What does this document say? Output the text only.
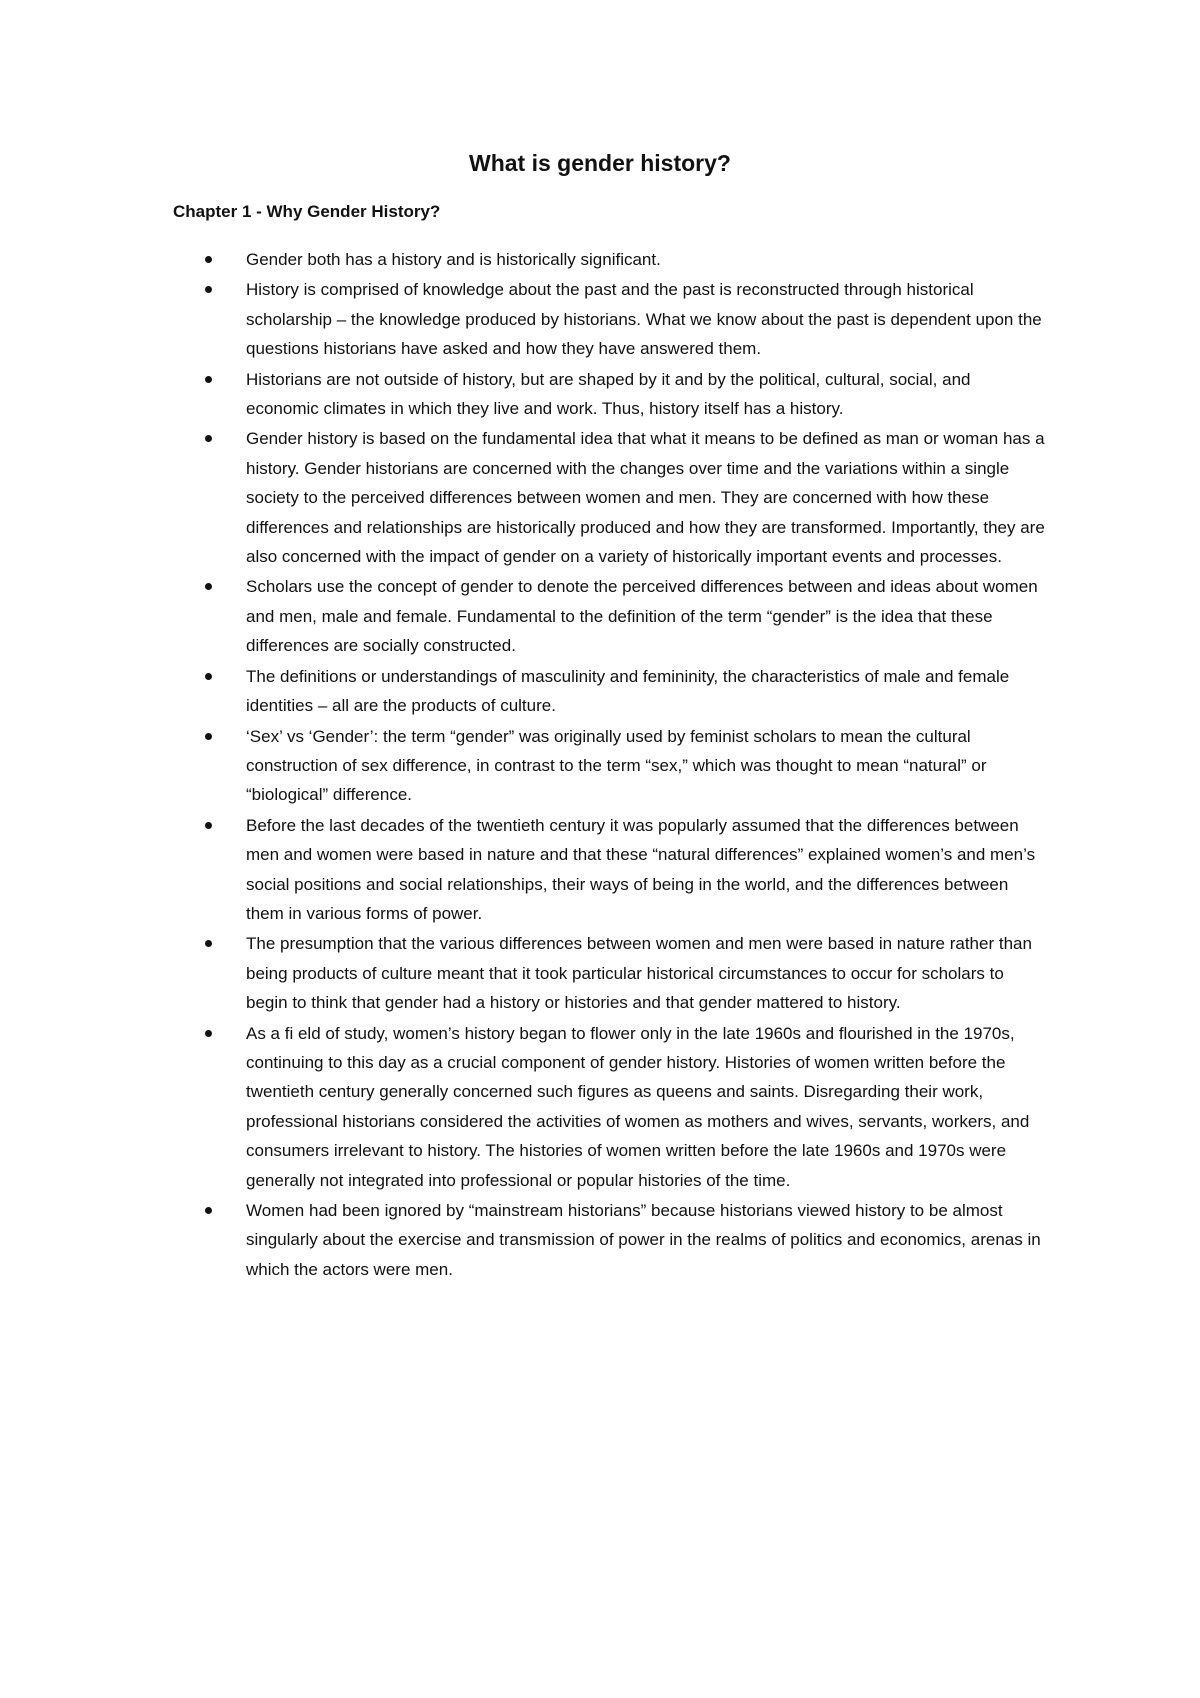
What is gender history?
Chapter 1 - Why Gender History?
Gender both has a history and is historically significant.
History is comprised of knowledge about the past and the past is reconstructed through historical scholarship – the knowledge produced by historians. What we know about the past is dependent upon the questions historians have asked and how they have answered them.
Historians are not outside of history, but are shaped by it and by the political, cultural, social, and economic climates in which they live and work. Thus, history itself has a history.
Gender history is based on the fundamental idea that what it means to be defined as man or woman has a history. Gender historians are concerned with the changes over time and the variations within a single society to the perceived differences between women and men. They are concerned with how these differences and relationships are historically produced and how they are transformed. Importantly, they are also concerned with the impact of gender on a variety of historically important events and processes.
Scholars use the concept of gender to denote the perceived differences between and ideas about women and men, male and female. Fundamental to the definition of the term “gender” is the idea that these differences are socially constructed.
The definitions or understandings of masculinity and femininity, the characteristics of male and female identities – all are the products of culture.
‘Sex’ vs ‘Gender’: the term “gender” was originally used by feminist scholars to mean the cultural construction of sex difference, in contrast to the term “sex,” which was thought to mean “natural” or “biological” difference.
Before the last decades of the twentieth century it was popularly assumed that the differences between men and women were based in nature and that these “natural differences” explained women’s and men’s social positions and social relationships, their ways of being in the world, and the differences between them in various forms of power.
The presumption that the various differences between women and men were based in nature rather than being products of culture meant that it took particular historical circumstances to occur for scholars to begin to think that gender had a history or histories and that gender mattered to history.
As a fi eld of study, women’s history began to flower only in the late 1960s and flourished in the 1970s, continuing to this day as a crucial component of gender history. Histories of women written before the twentieth century generally concerned such figures as queens and saints. Disregarding their work, professional historians considered the activities of women as mothers and wives, servants, workers, and consumers irrelevant to history. The histories of women written before the late 1960s and 1970s were generally not integrated into professional or popular histories of the time.
Women had been ignored by “mainstream historians” because historians viewed history to be almost singularly about the exercise and transmission of power in the realms of politics and economics, arenas in which the actors were men.
